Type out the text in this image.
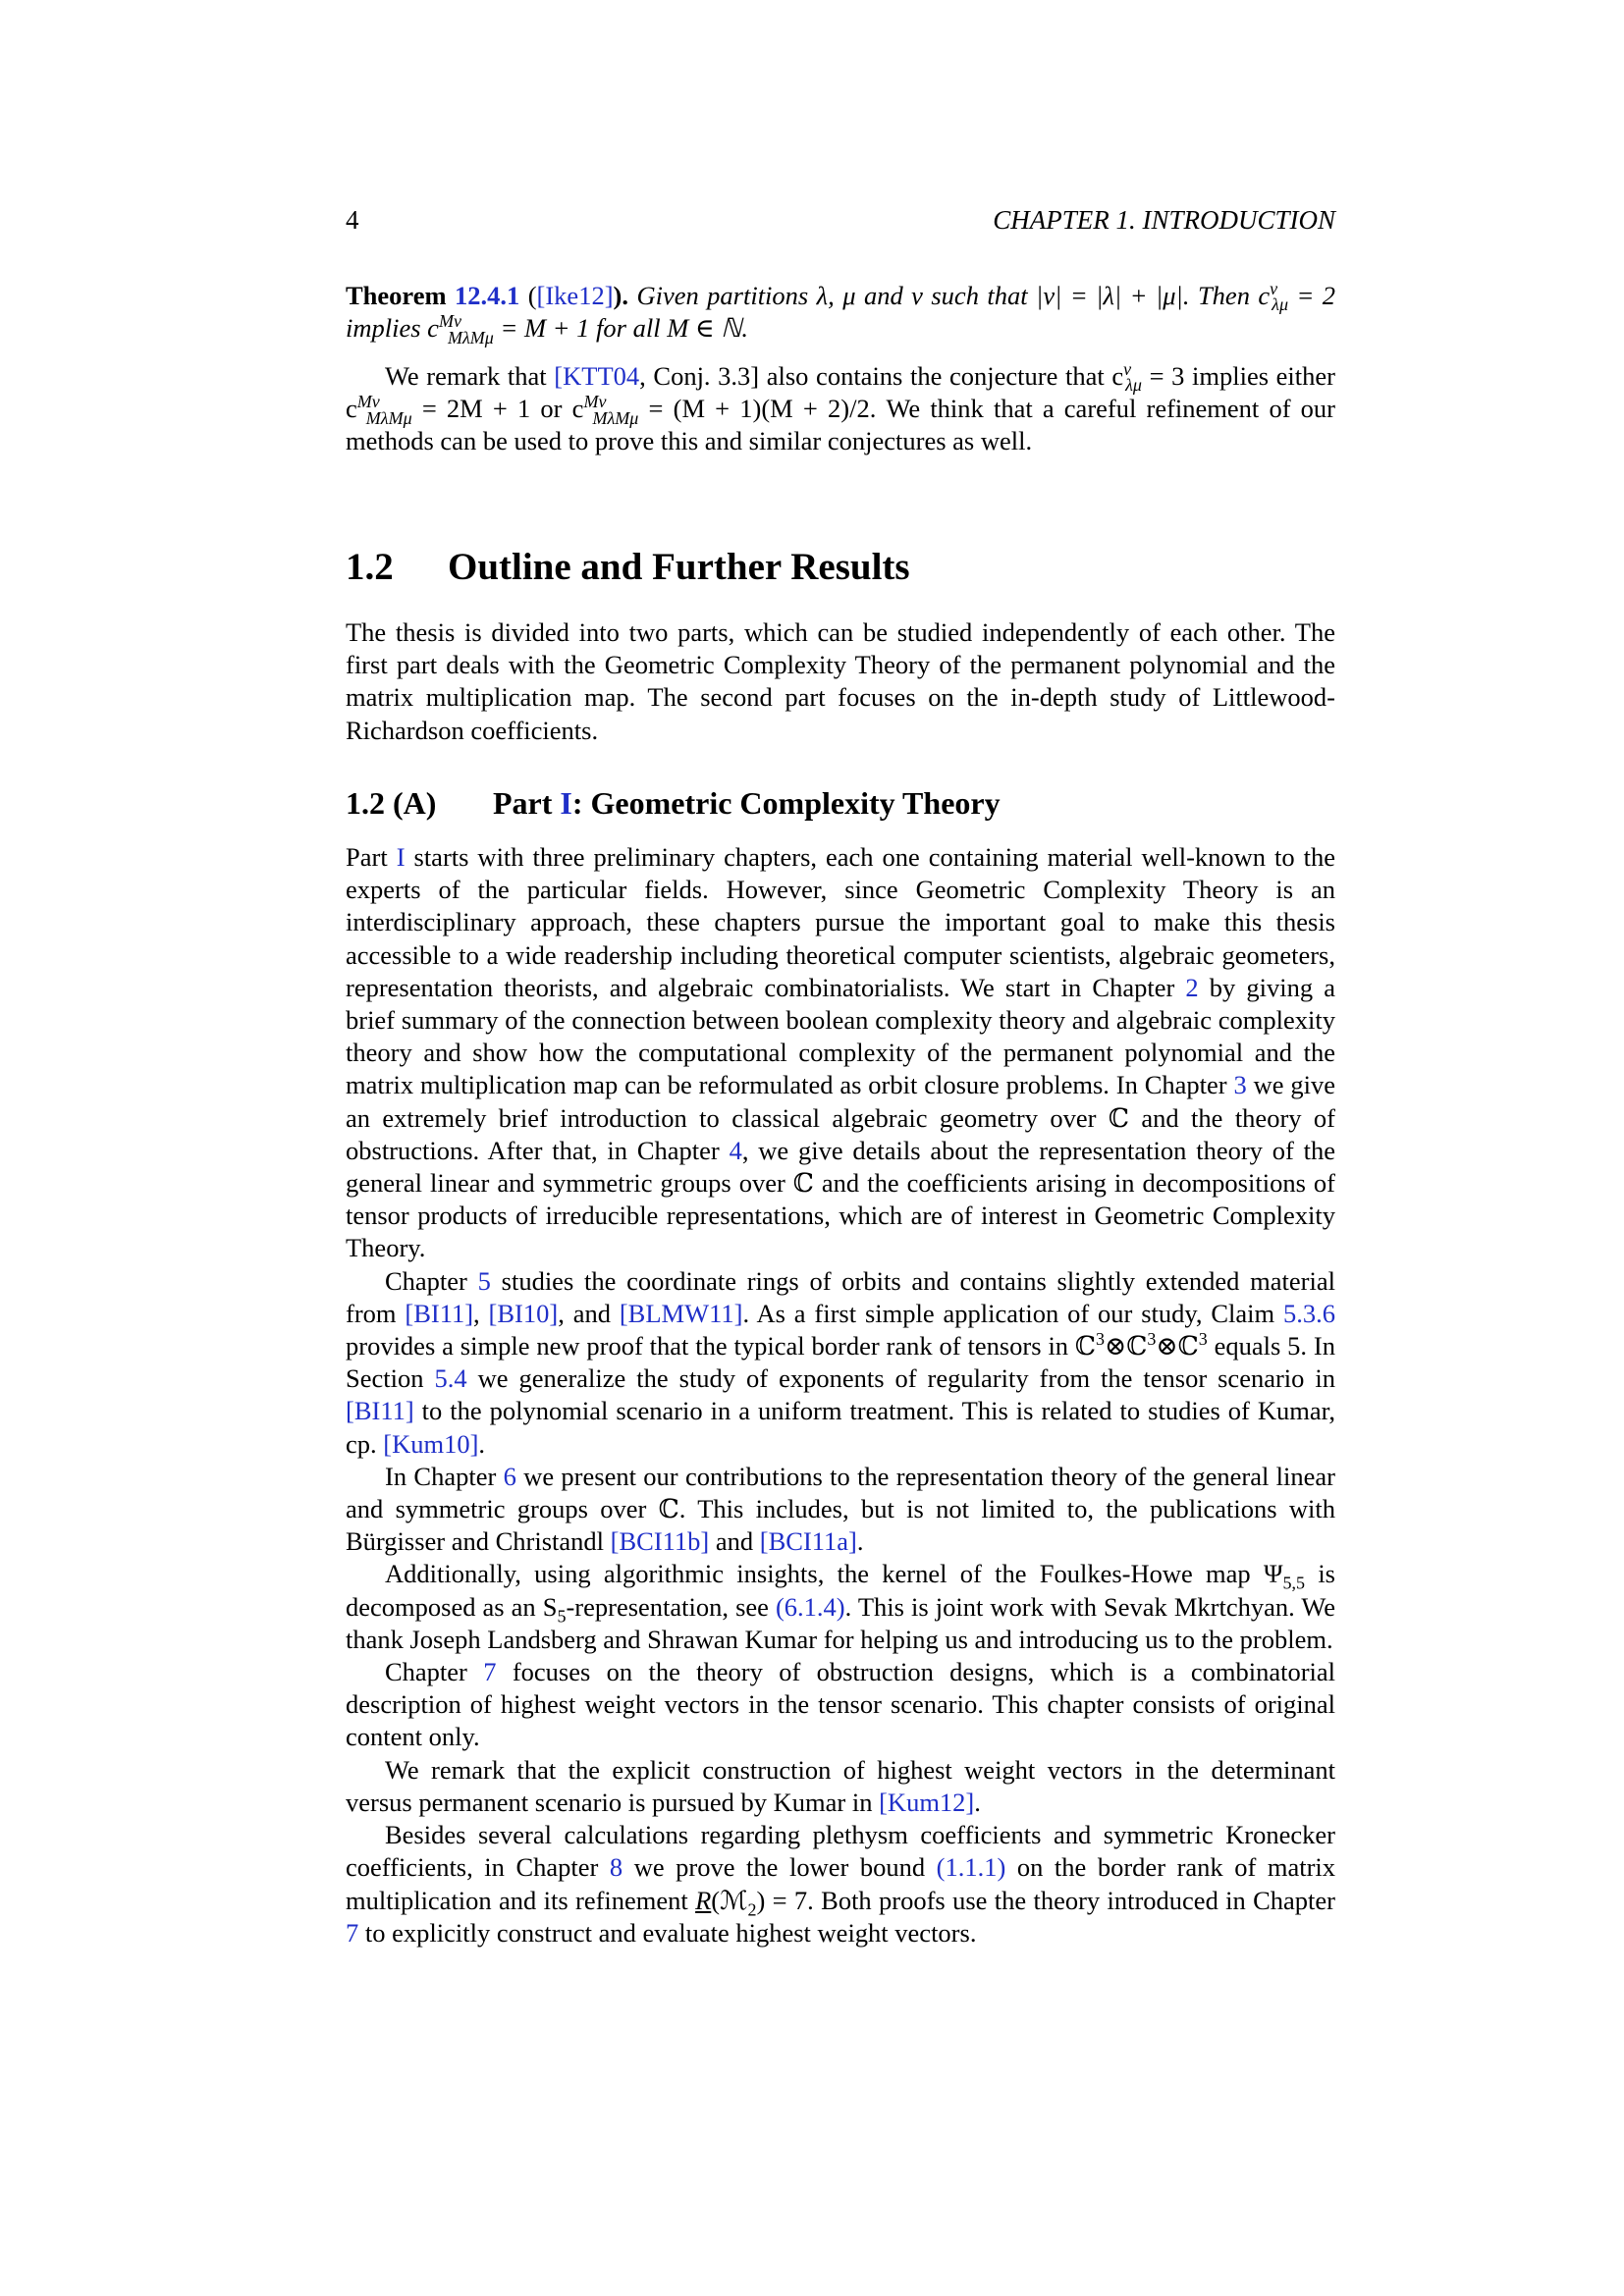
4	CHAPTER 1. INTRODUCTION

Theorem 12.4.1 ([Ike12]). Given partitions λ, μ and ν such that |ν| = |λ| + |μ|. Then $c^\nu_{\lambda\mu} = 2$ implies $c^{M\nu}_{M\lambda M\mu} = M + 1$ for all M ∈ ℕ.

We remark that [KTT04, Conj. 3.3] also contains the conjecture that $c^\nu_{\lambda\mu} = 3$ implies either $c^{M\nu}_{M\lambda M\mu} = 2M + 1$ or $c^{M\nu}_{M\lambda M\mu} = (M + 1)(M + 2)/2$. We think that a careful refinement of our methods can be used to prove this and similar conjectures as well.

1.2 Outline and Further Results

The thesis is divided into two parts, which can be studied independently of each other. The first part deals with the Geometric Complexity Theory of the permanent polynomial and the matrix multiplication map. The second part focuses on the in-depth study of Littlewood-Richardson coefficients.

1.2 (A) Part I: Geometric Complexity Theory

Part I starts with three preliminary chapters, each one containing material well-known to the experts of the particular fields. However, since Geometric Complexity Theory is an interdisciplinary approach, these chapters pursue the important goal to make this thesis accessible to a wide readership including theoretical computer scientists, algebraic geometers, representation theorists, and algebraic combinatorialists. We start in Chapter 2 by giving a brief summary of the connection between boolean complexity theory and algebraic complexity theory and show how the computational complexity of the permanent polynomial and the matrix multiplication map can be reformulated as orbit closure problems. In Chapter 3 we give an extremely brief introduction to classical algebraic geometry over ℂ and the theory of obstructions. After that, in Chapter 4, we give details about the representation theory of the general linear and symmetric groups over ℂ and the coefficients arising in decompositions of tensor products of irreducible representations, which are of interest in Geometric Complexity Theory.

Chapter 5 studies the coordinate rings of orbits and contains slightly extended material from [BI11], [BI10], and [BLMW11]. As a first simple application of our study, Claim 5.3.6 provides a simple new proof that the typical border rank of tensors in ℂ$^3$⊗ℂ$^3$⊗ℂ$^3$ equals 5. In Section 5.4 we generalize the study of exponents of regularity from the tensor scenario in [BI11] to the polynomial scenario in a uniform treatment. This is related to studies of Kumar, cp. [Kum10].

In Chapter 6 we present our contributions to the representation theory of the general linear and symmetric groups over ℂ. This includes, but is not limited to, the publications with Bürgisser and Christandl [BCI11b] and [BCI11a].

Additionally, using algorithmic insights, the kernel of the Foulkes-Howe map $\Psi_{5,5}$ is decomposed as an $S_5$-representation, see (6.1.4). This is joint work with Sevak Mkrtchyan. We thank Joseph Landsberg and Shrawan Kumar for helping us and introducing us to the problem.

Chapter 7 focuses on the theory of obstruction designs, which is a combinatorial description of highest weight vectors in the tensor scenario. This chapter consists of original content only.

We remark that the explicit construction of highest weight vectors in the determinant versus permanent scenario is pursued by Kumar in [Kum12].

Besides several calculations regarding plethysm coefficients and symmetric Kronecker coefficients, in Chapter 8 we prove the lower bound (1.1.1) on the border rank of matrix multiplication and its refinement R(ℳ$_2$) = 7. Both proofs use the theory introduced in Chapter 7 to explicitly construct and evaluate highest weight vectors.
